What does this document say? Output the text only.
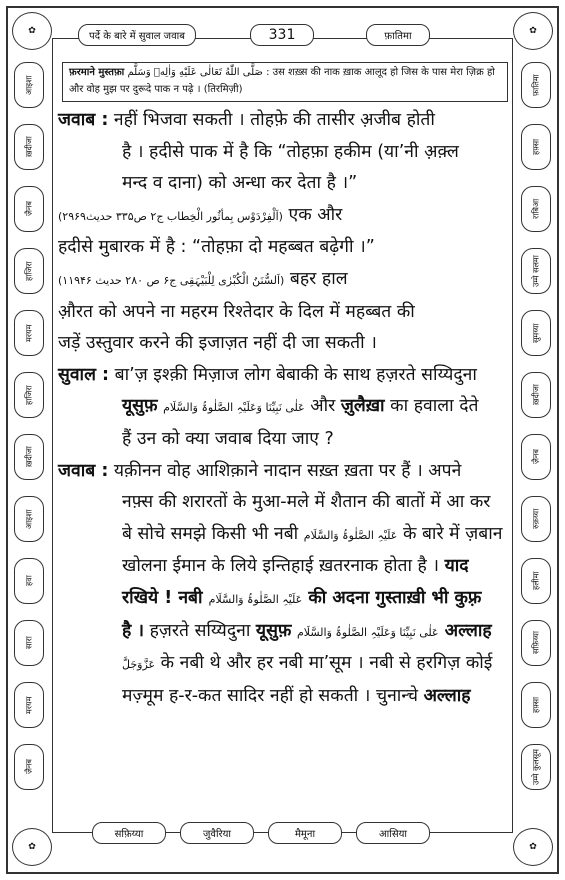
पर्दे के बारे में सुवाल जवाब	331	फ़ातिमा
✿	✿
✿	✿
आइशा
ख़दीजा
ज़ैनब
हाजिरा
मरयम
हाजिरा
ख़दीजा
आइशा
हवा
सारा
मरयम
ज़ैनब
फ़ातिमा
हफ़्सा
राबिआ
उम्मे सलमा
सुमय्या
ख़दीजा
ज़ैनब
रुक़य्या
हलीमा
सफ़िय्या
हफ़्सा
उम्मे कुलसूम
फ़रमाने मुस्तफ़ा صَلَّى اللّٰهُ تَعَالٰى عَلَيْهِ وَاٰلِهٖ وَسَلَّم : उस शख़्स की नाक ख़ाक आलूद हो जिस के पास मेरा ज़िक्र हो और वोह मुझ पर दुरूदे पाक न पढ़े । (तिरमिज़ी)

जवाब : नहीं भिजवा सकती । तोहफ़े की तासीर अ़जीब होती

है । हदीसे पाक में है कि “तोहफ़ा हकीम (या’नी अ़क़्ल

मन्द व दाना) को अन्धा कर देता है ।”

(اَلْفِرْدَوْس بِمأثُور الْخِطاب ج۲ ص۳۳۵ حدیث۲۹۶۹) एक और

हदीसे मुबारक में है : “तोहफ़ा दो महब्बत बढ़ेगी ।”

(اَلسُّنَنُ الْکُبْرٰی لِلْبَیْہَقِی ج۶ ص ۲۸۰ حدیث ۱۱۹۴۶) बहर हाल

औ़रत को अपने ना महरम रिश्तेदार के दिल में महब्बत की

जड़ें उस्तुवार करने की इजाज़त नहीं दी जा सकती ।

सुवाल : बा’ज़ इश्क़ी मिज़ाज लोग बेबाकी के साथ हज़रते सय्यिदुना

यूसुफ़ عَلٰی نَبِیِّنَا وَعَلَیْہِ الصَّلٰوۃُ وَالسَّلَام और ज़ुलैख़ा का हवाला देते

हैं उन को क्या जवाब दिया जाए ?

जवाब : यक़ीनन वोह आशिक़ाने नादान सख़्त ख़ता पर हैं । अपने

नफ़्स की शरारतों के मुआ-मले में शैतान की बातों में आ कर

बे सोचे समझे किसी भी नबी عَلَیْہِ الصَّلٰوۃُ وَالسَّلَام के बारे में ज़बान

खोलना ईमान के लिये इन्तिहाई ख़तरनाक होता है । याद

रखिये ! नबी عَلَیْہِ الصَّلٰوۃُ وَالسَّلَام की अदना गुस्ताख़ी भी कुफ़्र

है । हज़रते सय्यिदुना यूसुफ़ عَلٰی نَبِیِّنَا وَعَلَیْہِ الصَّلٰوۃُ وَالسَّلَام अल्लाह

عَزَّوَجَلَّ के नबी थे और हर नबी मा’सूम । नबी से हरगिज़ कोई

मज़्मूम ह-र-कत सादिर नहीं हो सकती । चुनान्चे अल्लाह

सफ़िय्या	जुवैरिया	मैमूना	आसिया
